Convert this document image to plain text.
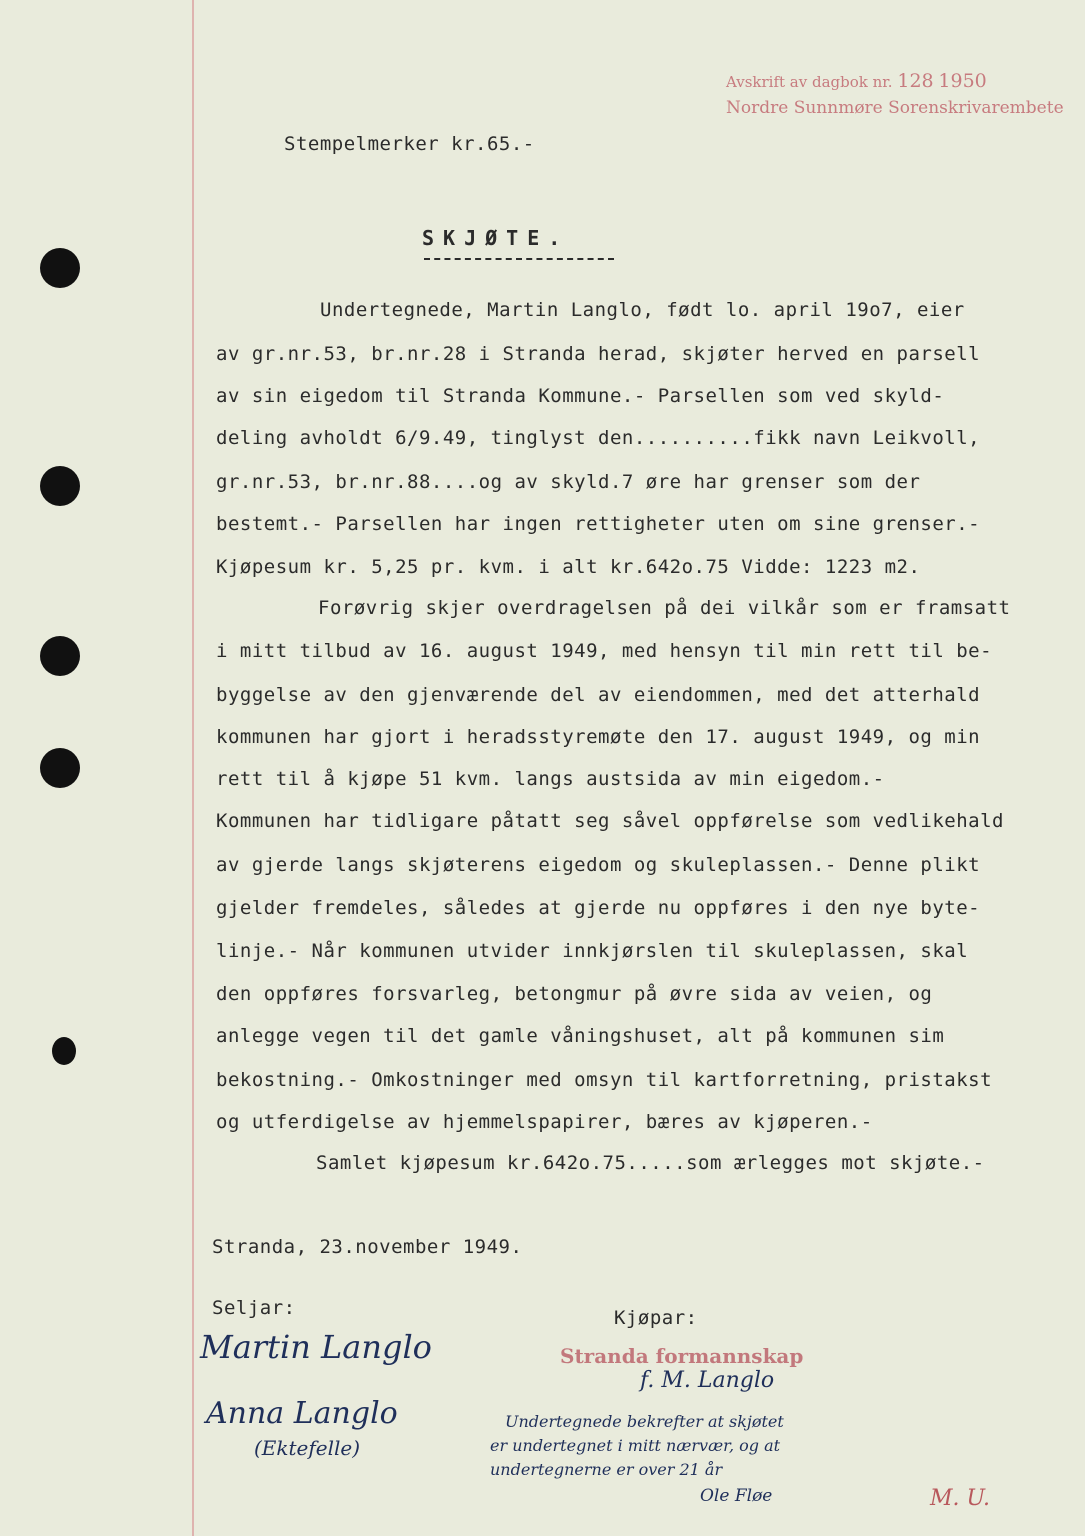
Avskrift av dagbok nr. 128 1950
Nordre Sunnmøre Sorenskrivarembete
Stempelmerker kr.65.-
SKJØTE.
Undertegnede, Martin Langlo, født lo. april 19o7, eier
av gr.nr.53, br.nr.28 i Stranda herad, skjøter herved en parsell
av sin eigedom til Stranda Kommune.- Parsellen som ved skyld-
deling avholdt 6/9.49, tinglyst den..........fikk navn Leikvoll,
gr.nr.53, br.nr.88....og av skyld.7 øre har grenser som der
bestemt.- Parsellen har ingen rettigheter uten om sine grenser.-
Kjøpesum kr. 5,25 pr. kvm. i alt kr.642o.75 Vidde: 1223 m2.
Forøvrig skjer overdragelsen på dei vilkår som er framsatt
i mitt tilbud av 16. august 1949, med hensyn til min rett til be-
byggelse av den gjenværende del av eiendommen, med det atterhald
kommunen har gjort i heradsstyremøte den 17. august 1949, og min
rett til å kjøpe 51 kvm. langs austsida av min eigedom.-
Kommunen har tidligare påtatt seg såvel oppførelse som vedlikehald
av gjerde langs skjøterens eigedom og skuleplassen.- Denne plikt
gjelder fremdeles, således at gjerde nu oppføres i den nye byte-
linje.- Når kommunen utvider innkjørslen til skuleplassen, skal
den oppføres forsvarleg, betongmur på øvre sida av veien, og
anlegge vegen til det gamle våningshuset, alt på kommunen sim
bekostning.- Omkostninger med omsyn til kartforretning, pristakst
og utferdigelse av hjemmelspapirer, bæres av kjøperen.-
Samlet kjøpesum kr.642o.75.....som ærlegges mot skjøte.-
Stranda, 23.november 1949.
Seljar:	Kjøpar:
Martin Langlo
Anna Langlo
(Ektefelle)
Stranda formannskap
f. M. Langlo
Undertegnede bekrefter at skjøtet
er undertegnet i mitt nærvær, og at
undertegnerne er over 21 år
Ole Fløe	M. U.
